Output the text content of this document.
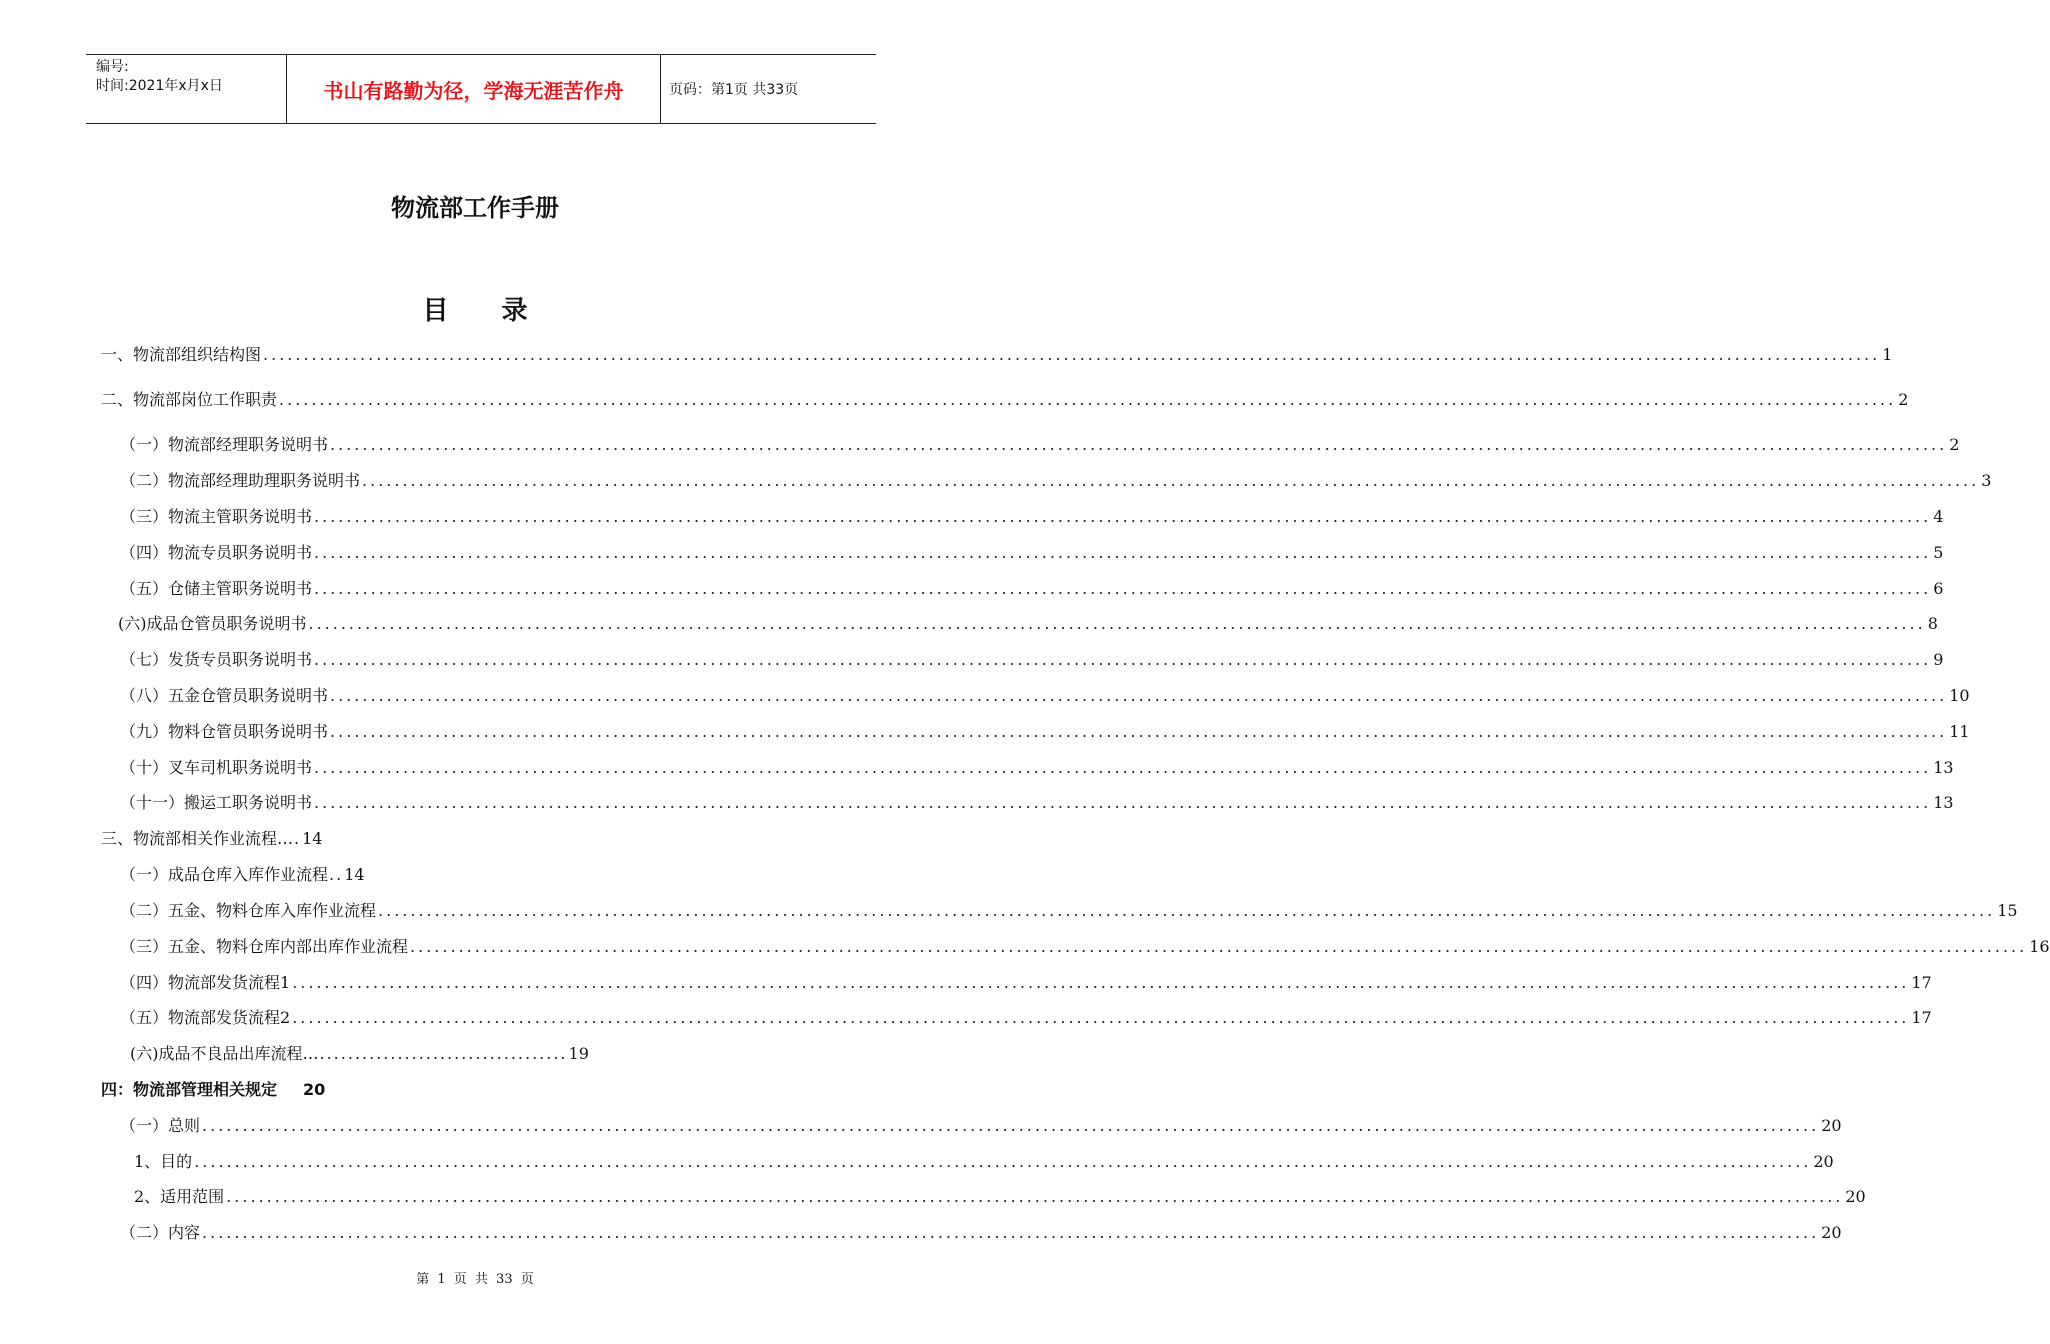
编号:
时间:2021年x月x日	书山有路勤为径，学海无涯苦作舟	页码：第1页 共33页
物流部工作手册
目 录
一、物流部组织结构图 ........................................................................................................................................................................................................ 1
二、物流部岗位工作职责 ........................................................................................................................................................................................................ 2
（一）物流部经理职务说明书 ........................................................................................................................................................................................................ 2
（二）物流部经理助理职务说明书 ........................................................................................................................................................................................................ 3
（三）物流主管职务说明书 ........................................................................................................................................................................................................ 4
（四）物流专员职务说明书 ........................................................................................................................................................................................................ 5
（五）仓储主管职务说明书 ........................................................................................................................................................................................................ 6
(六)成品仓管员职务说明书 ........................................................................................................................................................................................................ 8
（七）发货专员职务说明书 ........................................................................................................................................................................................................ 9
（八）五金仓管员职务说明书 ........................................................................................................................................................................................................ 10
（九）物料仓管员职务说明书 ........................................................................................................................................................................................................ 11
（十）叉车司机职务说明书 ........................................................................................................................................................................................................ 13
（十一）搬运工职务说明书 ........................................................................................................................................................................................................ 13
三、物流部相关作业流程… . 14
（一）成品仓库入库作业流程 .. 14
（二）五金、物料仓库入库作业流程 ........................................................................................................................................................................................................ 15
（三）五金、物料仓库内部出库作业流程 ........................................................................................................................................................................................................ 16
（四）物流部发货流程1 ........................................................................................................................................................................................................ 17
（五）物流部发货流程2 ........................................................................................................................................................................................................ 17
(六)成品不良品出库流程… ................................... 19
四：物流部管理相关规定 20
（一）总则 ........................................................................................................................................................................................................ 20
1、目的 ........................................................................................................................................................................................................ 20
2、适用范围 ........................................................................................................................................................................................................ 20
（二）内容 ........................................................................................................................................................................................................ 20
第 1 页 共 33 页
